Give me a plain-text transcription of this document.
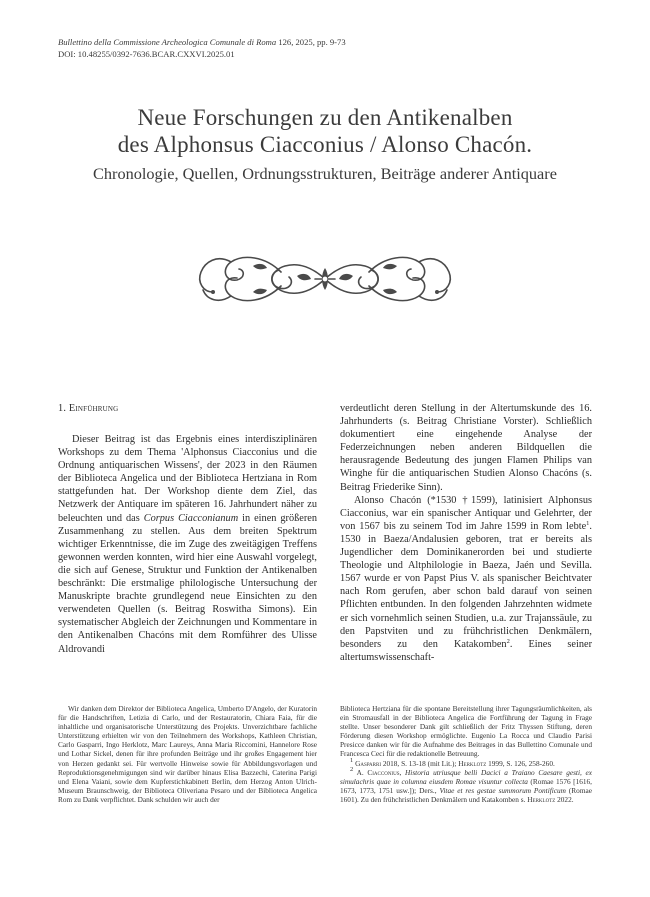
Bullettino della Commissione Archeologica Comunale di Roma 126, 2025, pp. 9-73
DOI: 10.48255/0392-7636.BCAR.CXXVI.2025.01
Neue Forschungen zu den Antikenalben
des Alphonsus Ciacconius / Alonso Chacón.
Chronologie, Quellen, Ordnungsstrukturen, Beiträge anderer Antiquare
1. Einführung

Dieser Beitrag ist das Ergebnis eines interdisziplinären Workshops zu dem Thema 'Alphonsus Ciacconius und die Ordnung antiquarischen Wissens', der 2023 in den Räumen der Biblioteca Angelica und der Biblioteca Hertziana in Rom stattgefunden hat. Der Workshop diente dem Ziel, das Netzwerk der Antiquare im späteren 16. Jahrhundert näher zu beleuchten und das Corpus Ciacconianum in einen größeren Zusammenhang zu stellen. Aus dem breiten Spektrum wichtiger Erkenntnisse, die im Zuge des zweitägigen Treffens gewonnen werden konnten, wird hier eine Auswahl vorgelegt, die sich auf Genese, Struktur und Funktion der Antikenalben beschränkt: Die erstmalige philologische Untersuchung der Manuskripte brachte grundlegend neue Einsichten zu den verwendeten Quellen (s. Beitrag Roswitha Simons). Ein systematischer Abgleich der Zeichnungen und Kommentare in den Antikenalben Chacóns mit dem Romführer des Ulisse Aldrovandi

verdeutlicht deren Stellung in der Altertumskunde des 16. Jahrhunderts (s. Beitrag Christiane Vorster). Schließlich dokumentiert eine eingehende Analyse der Federzeichnungen neben anderen Bildquellen die herausragende Bedeutung des jungen Flamen Philips van Winghe für die antiquarischen Studien Alonso Chacóns (s. Beitrag Friederike Sinn).

Alonso Chacón (*1530 †1599), latinisiert Alphonsus Ciacconius, war ein spanischer Antiquar und Gelehrter, der von 1567 bis zu seinem Tod im Jahre 1599 in Rom lebte$^1$. 1530 in Baeza/Andalusien geboren, trat er bereits als Jugendlicher dem Dominikanerorden bei und studierte Theologie und Altphilologie in Baeza, Jaén und Sevilla. 1567 wurde er von Papst Pius V. als spanischer Beichtvater nach Rom gerufen, aber schon bald darauf von seinen Pflichten entbunden. In den folgenden Jahrzehnten widmete er sich vornehmlich seinen Studien, u.a. zur Trajanssäule, zu den Papstviten und zu frühchristlichen Denkmälern, besonders zu den Katakomben$^2$. Eines seiner altertumswissenschaft-

Wir danken dem Direktor der Biblioteca Angelica, Umberto D'Angelo, der Kuratorin für die Handschriften, Letizia di Carlo, und der Restauratorin, Chiara Faia, für die inhaltliche und organisatorische Unterstützung des Projekts. Unverzichtbare fachliche Unterstützung erhielten wir von den Teilnehmern des Workshops, Kathleen Christian, Carlo Gasparri, Ingo Herklotz, Marc Laureys, Anna Maria Riccomini, Hannelore Rose und Lothar Sickel, denen für ihre profunden Beiträge und ihr großes Engagement hier von Herzen gedankt sei. Für wertvolle Hinweise sowie für Abbildungsvorlagen und Reproduktionsgenehmigungen sind wir darüber hinaus Elisa Bazzechi, Caterina Parigi und Elena Vaiani, sowie dem Kupferstichkabinett Berlin, dem Herzog Anton Ulrich-Museum Braunschweig, der Biblioteca Oliveriana Pesaro und der Biblioteca Angelica Rom zu Dank verpflichtet. Dank schulden wir auch der

Biblioteca Hertziana für die spontane Bereitstellung ihrer Tagungsräumlichkeiten, als ein Stromausfall in der Biblioteca Angelica die Fortführung der Tagung in Frage stellte. Unser besonderer Dank gilt schließlich der Fritz Thyssen Stiftung, deren Förderung diesen Workshop ermöglichte. Eugenio La Rocca und Claudio Parisi Presicce danken wir für die Aufnahme des Beitrages in das Bullettino Comunale und Francesca Ceci für die redaktionelle Betreuung.

$^1$ Gasparri 2018, S. 13-18 (mit Lit.); Herklotz 1999, S. 126, 258-260.

$^2$ A. Ciacconius, Historia utriusque belli Dacici a Traiano Caesare gesti, ex simulachris quae in columna eiusdem Romae visuntur collecta (Romae 1576 [1616, 1673, 1773, 1751 usw.]); Ders., Vitae et res gestae summorum Pontificum (Romae 1601). Zu den frühchristlichen Denkmälern und Katakomben s. Herklotz 2022.
